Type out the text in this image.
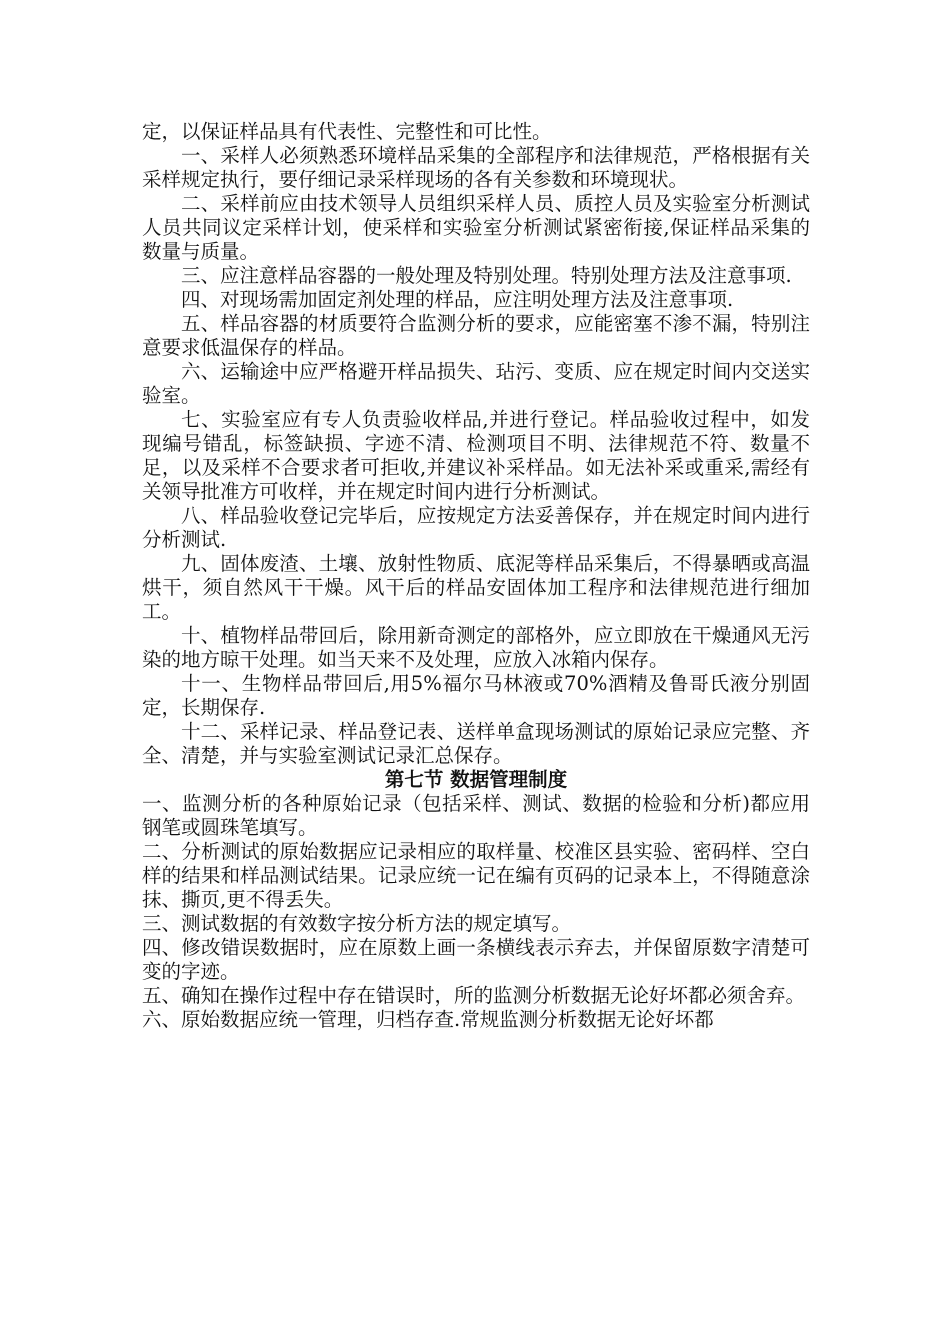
定，以保证样品具有代表性、完整性和可比性。

一、采样人必须熟悉环境样品采集的全部程序和法律规范，严格根据有关采样规定执行，要仔细记录采样现场的各有关参数和环境现状。

二、采样前应由技术领导人员组织采样人员、质控人员及实验室分析测试人员共同议定采样计划，使采样和实验室分析测试紧密衔接,保证样品采集的数量与质量。

三、应注意样品容器的一般处理及特别处理。特别处理方法及注意事项.

四、对现场需加固定剂处理的样品，应注明处理方法及注意事项.

五、样品容器的材质要符合监测分析的要求，应能密塞不渗不漏，特别注意要求低温保存的样品。

六、运输途中应严格避开样品损失、玷污、变质、应在规定时间内交送实验室。

七、实验室应有专人负责验收样品,并进行登记。样品验收过程中，如发现编号错乱，标签缺损、字迹不清、检测项目不明、法律规范不符、数量不足，以及采样不合要求者可拒收,并建议补采样品。如无法补采或重采,需经有关领导批准方可收样，并在规定时间内进行分析测试。

八、样品验收登记完毕后，应按规定方法妥善保存，并在规定时间内进行分析测试.

九、固体废渣、土壤、放射性物质、底泥等样品采集后，不得暴晒或高温烘干，须自然风干干燥。风干后的样品安固体加工程序和法律规范进行细加工。

十、植物样品带回后，除用新奇测定的部格外，应立即放在干燥通风无污染的地方晾干处理。如当天来不及处理，应放入冰箱内保存。

十一、生物样品带回后,用5%福尔马林液或70%酒精及鲁哥氏液分别固定，长期保存.

十二、采样记录、样品登记表、送样单盒现场测试的原始记录应完整、齐全、清楚，并与实验室测试记录汇总保存。

第七节 数据管理制度

一、监测分析的各种原始记录（包括采样、测试、数据的检验和分析)都应用钢笔或圆珠笔填写。

二、分析测试的原始数据应记录相应的取样量、校准区县实验、密码样、空白样的结果和样品测试结果。记录应统一记在编有页码的记录本上，不得随意涂抹、撕页,更不得丢失。

三、测试数据的有效数字按分析方法的规定填写。

四、修改错误数据时，应在原数上画一条横线表示弃去，并保留原数字清楚可变的字迹。

五、确知在操作过程中存在错误时，所的监测分析数据无论好坏都必须舍弃。

六、原始数据应统一管理，归档存查.常规监测分析数据无论好坏都
